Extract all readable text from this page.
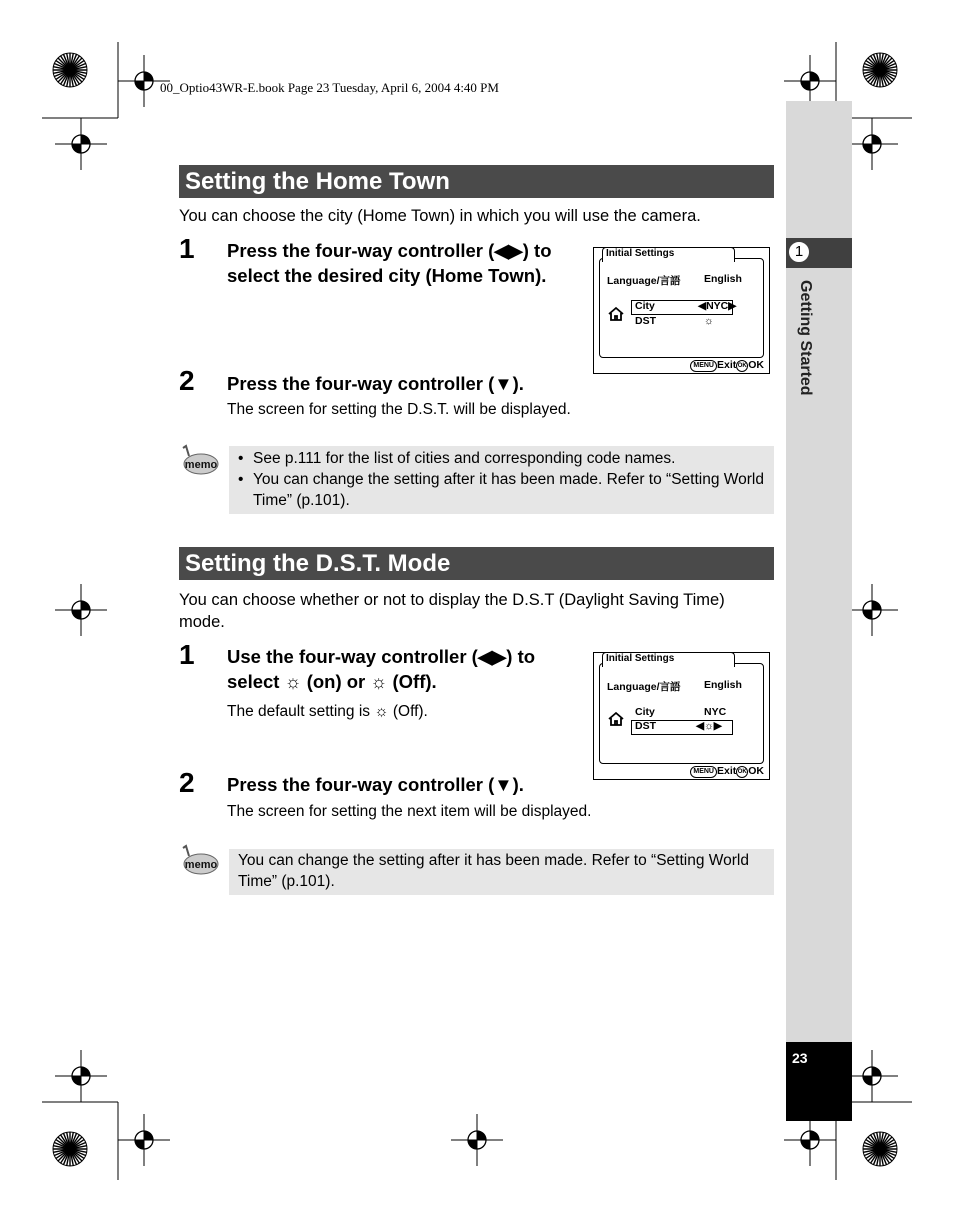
00_Optio43WR-E.book Page 23 Tuesday, April 6, 2004 4:40 PM
1
Getting Started
23
Setting the Home Town
You can choose the city (Home Town) in which you will use the camera.
1 Press the four-way controller (◀▶) to select the desired city (Home Town).
Initial Settings
Language/言語 English
City	◀NYC▶
DST	☼
MENU Exit OK OK
2 Press the four-way controller (▼).
The screen for setting the D.S.T. will be displayed.
memo
•	See p.111 for the list of cities and corresponding code names.
• You can change the setting after it has been made. Refer to “Setting World Time” (p.101).
Setting the D.S.T. Mode
You can choose whether or not to display the D.S.T (Daylight Saving Time) mode.
1 Use the four-way controller (◀▶) to select ☼ (on) or ☼ (Off).
The default setting is ☼ (Off).
Initial Settings
Language/言語 English
City	NYC
DST	◀☼▶
MENU Exit OK OK
2 Press the four-way controller (▼).
The screen for setting the next item will be displayed.
memo	You can change the setting after it has been made. Refer to “Setting World Time” (p.101).
